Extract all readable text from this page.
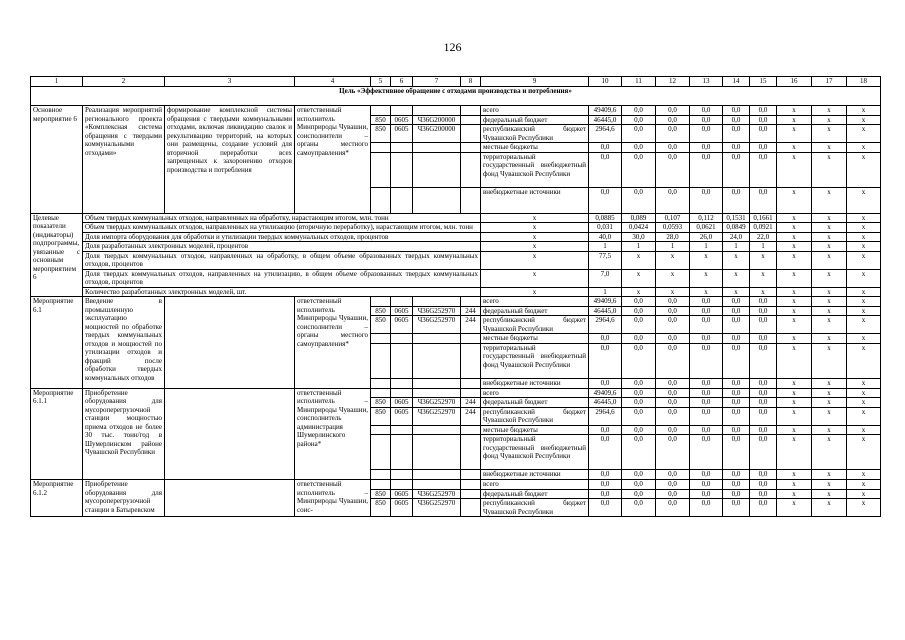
126
1	2	3	4	5	6	7	8	9	10	11	12	13	14	15	16	17	18
Цель «Эффективное обращение с отходами производства и потребления»																	
Основное мероприятие 6	Реализация мероприятий регионального проекта «Комплексная система обращения с твердыми коммунальными отходами»	формирование комплексной системы обращения с твердыми коммунальными отходами, включая ликвидацию свалок и рекультивацию территорий, на которых они размещены, создание условий для вторичной переработки всех запрещенных к захоронению отходов производства и потребления	ответственный исполнитель Минприроды Чувашии, соисполнители – органы местного самоуправления*					всего	49409,6	0,0	0,0	0,0	0,0	0,0	x	x	x
				850	0605	Ч36G200000		федеральный бюджет	46445,0	0,0	0,0	0,0	0,0	0,0	x	x	x
				850	0605	Ч36G200000		республиканский бюджет Чувашской Республики	2964,6	0,0	0,0	0,0	0,0	0,0	x	x	x
								местные бюджеты	0,0	0,0	0,0	0,0	0,0	0,0	x	x	x
								территориальный государственный внебюджетный фонд Чувашской Республики	0,0	0,0	0,0	0,0	0,0	0,0	x	x	x
								внебюджетные источники	0,0	0,0	0,0	0,0	0,0	0,0	x	x	x
Целевые показатели (индикаторы) подпрограммы, увязанные с основным мероприятием 6	Объем твердых коммунальных отходов, направленных на обработку, нарастающим итогом, млн. тонн							x	0,0885	0,089	0,107	0,112	0,1531	0,1661	x	x	x
	Объем твердых коммунальных отходов, направленных на утилизацию (вторичную переработку), нарастающим итогом, млн. тонн							x	0,031	0,0424	0,0593	0,0621	0,0849	0,0921	x	x	x
	Доля импорта оборудования для обработки и утилизации твердых коммунальных отходов, процентов							x	40,0	30,0	28,0	26,0	24,0	22,0	x	x	x
	Доля разработанных электронных моделей, процентов							x	1	1	1	1	1	1	x	x	x
	Доля твердых коммунальных отходов, направленных на обработку, в общем объеме образованных твердых коммунальных отходов, процентов							x	77,5	x	x	x	x	x	x	x	x
	Доля твердых коммунальных отходов, направленных на утилизацию, в общем объеме образованных твердых коммунальных отходов, процентов							x	7,0	x	x	x	x	x	x	x	x
	Количество разработанных электронных моделей, шт.							x	1	x	x	x	x	x	x	x	x
Мероприятие 6.1	Введение в промышленную эксплуатацию мощностей по обработке твердых коммунальных отходов и мощностей по утилизации отходов и фракций после обработки твердых коммунальных отходов		ответственный исполнитель Минприроды Чувашии, соисполнители – органы местного самоуправления*					всего	49409,6	0,0	0,0	0,0	0,0	0,0	x	x	x
				850	0605	Ч36G252970	244	федеральный бюджет	46445,0	0,0	0,0	0,0	0,0	0,0	x	x	x
				850	0605	Ч36G252970	244	республиканский бюджет Чувашской Республики	2964,6	0,0	0,0	0,0	0,0	0,0	x	x	x
								местные бюджеты	0,0	0,0	0,0	0,0	0,0	0,0	x	x	x
								территориальный государственный внебюджетный фонд Чувашской Республики	0,0	0,0	0,0	0,0	0,0	0,0	x	x	x
								внебюджетные источники	0,0	0,0	0,0	0,0	0,0	0,0	x	x	x
Мероприятие 6.1.1	Приобретение оборудования для мусороперегрузочной станции мощностью приема отходов не более 30 тыс. тонн/год в Шумерлинском районе Чувашской Республики		ответственный исполнитель – Минприроды Чувашии, соисполнитель администрация Шумерлинского района*					всего	49409,6	0,0	0,0	0,0	0,0	0,0	x	x	x
				850	0605	Ч36G252970	244	федеральный бюджет	46445,0	0,0	0,0	0,0	0,0	0,0	x	x	x
				850	0605	Ч36G252970	244	республиканский бюджет Чувашской Республики	2964,6	0,0	0,0	0,0	0,0	0,0	x	x	x
								местные бюджеты	0,0	0,0	0,0	0,0	0,0	0,0	x	x	x
								территориальный государственный внебюджетный фонд Чувашской Республики	0,0	0,0	0,0	0,0	0,0	0,0	x	x	x
								внебюджетные источники	0,0	0,0	0,0	0,0	0,0	0,0	x	x	x
Мероприятие 6.1.2	Приобретение оборудования для мусороперегрузочной станции в Батыревском		ответственный исполнитель – Минприроды Чувашии, соис-					всего	0,0	0,0	0,0	0,0	0,0	0,0	x	x	x
				850	0605	Ч36G252970		федеральный бюджет	0,0	0,0	0,0	0,0	0,0	0,0	x	x	x
				850	0605	Ч36G252970		республиканский бюджет Чувашской Республики	0,0	0,0	0,0	0,0	0,0	0,0	x	x	x
